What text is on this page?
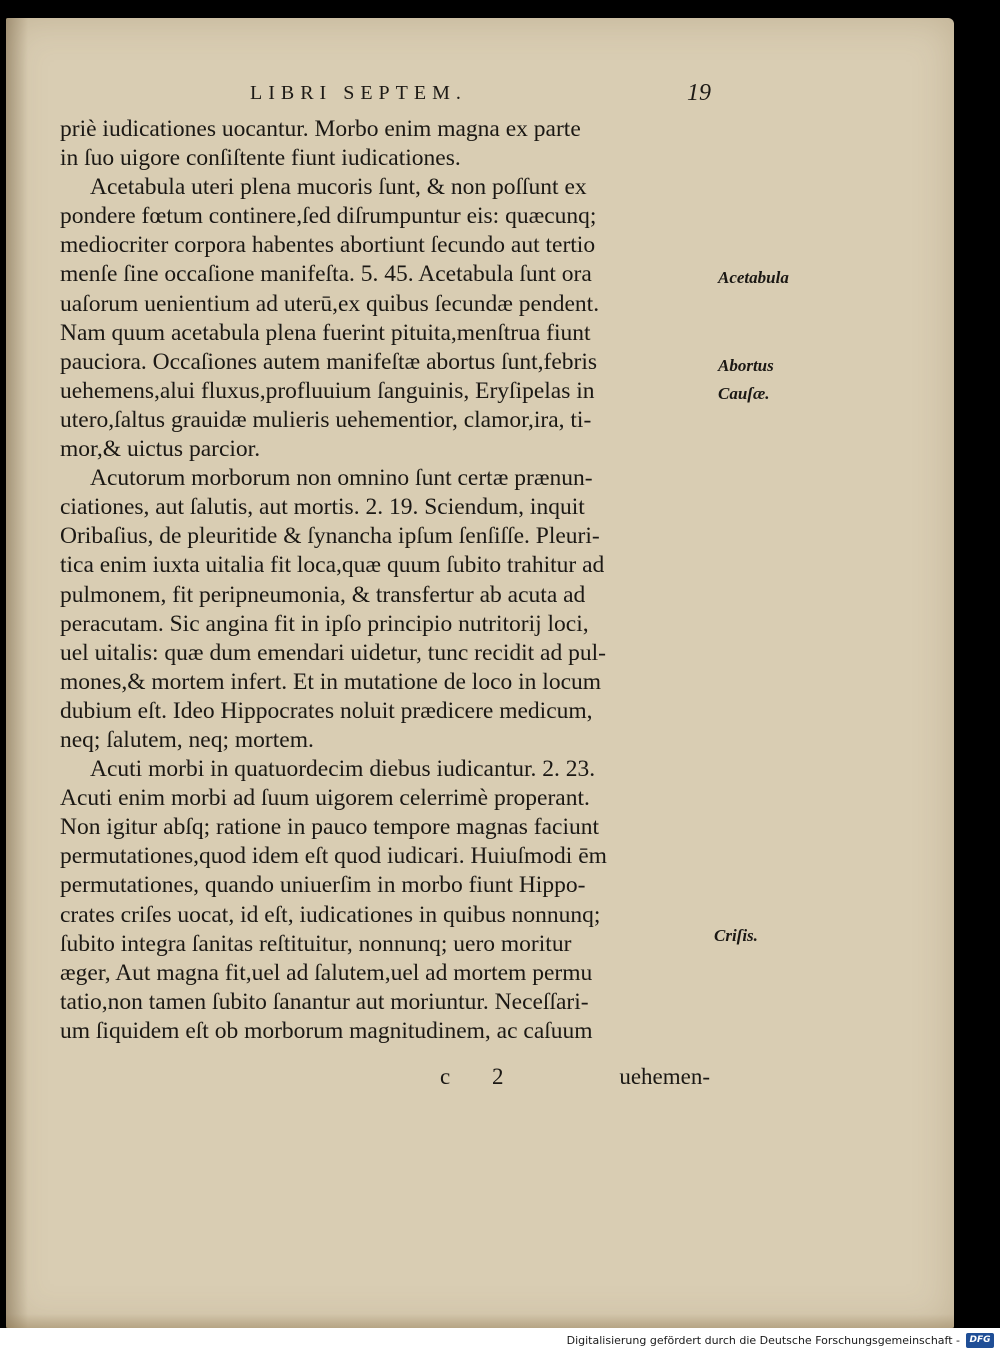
LIBRI SEPTEM.	19
priè iudicationes uocantur. Morbo enim magna ex parte
in ſuo uigore conſiſtente fiunt iudicationes.
Acetabula uteri plena mucoris ſunt, & non poſſunt ex
pondere fœtum continere,ſed diſrumpuntur eis: quæcunq;
mediocriter corpora habentes abortiunt ſecundo aut tertio
menſe ſine occaſione manifeſta. 5. 45. Acetabula ſunt ora
uaſorum uenientium ad uterū,ex quibus ſecundæ pendent.
Nam quum acetabula plena fuerint pituita,menſtrua fiunt
pauciora. Occaſiones autem manifeſtæ abortus ſunt,febris
uehemens,alui fluxus,profluuium ſanguinis, Eryſipelas in
utero,ſaltus grauidæ mulieris uehementior, clamor,ira, ti-
mor,& uictus parcior.
Acutorum morborum non omnino ſunt certæ prænun-
ciationes, aut ſalutis, aut mortis. 2. 19. Sciendum, inquit
Oribaſius, de pleuritide & ſynancha ipſum ſenſiſſe. Pleuri-
tica enim iuxta uitalia fit loca,quæ quum ſubito trahitur ad
pulmonem, fit peripneumonia, & transfertur ab acuta ad
peracutam. Sic angina fit in ipſo principio nutritorij loci,
uel uitalis: quæ dum emendari uidetur, tunc recidit ad pul-
mones,& mortem infert. Et in mutatione de loco in locum
dubium eſt. Ideo Hippocrates noluit prædicere medicum,
neq; ſalutem, neq; mortem.
Acuti morbi in quatuordecim diebus iudicantur. 2. 23.
Acuti enim morbi ad ſuum uigorem celerrimè properant.
Non igitur abſq; ratione in pauco tempore magnas faciunt
permutationes,quod idem eſt quod iudicari. Huiuſmodi ēm
permutationes, quando uniuerſim in morbo fiunt Hippo-
crates criſes uocat, id eſt, iudicationes in quibus nonnunq;
ſubito integra ſanitas reſtituitur, nonnunq; uero moritur
æger, Aut magna fit,uel ad ſalutem,uel ad mortem permu
tatio,non tamen ſubito ſanantur aut moriuntur. Neceſſari-
um ſiquidem eſt ob morborum magnitudinem, ac caſuum
Acetabula
Abortus
Cauſæ.
Criſis.
c 2	uehemen-
Digitalisierung gefördert durch die Deutsche Forschungsgemeinschaft -	DFG
